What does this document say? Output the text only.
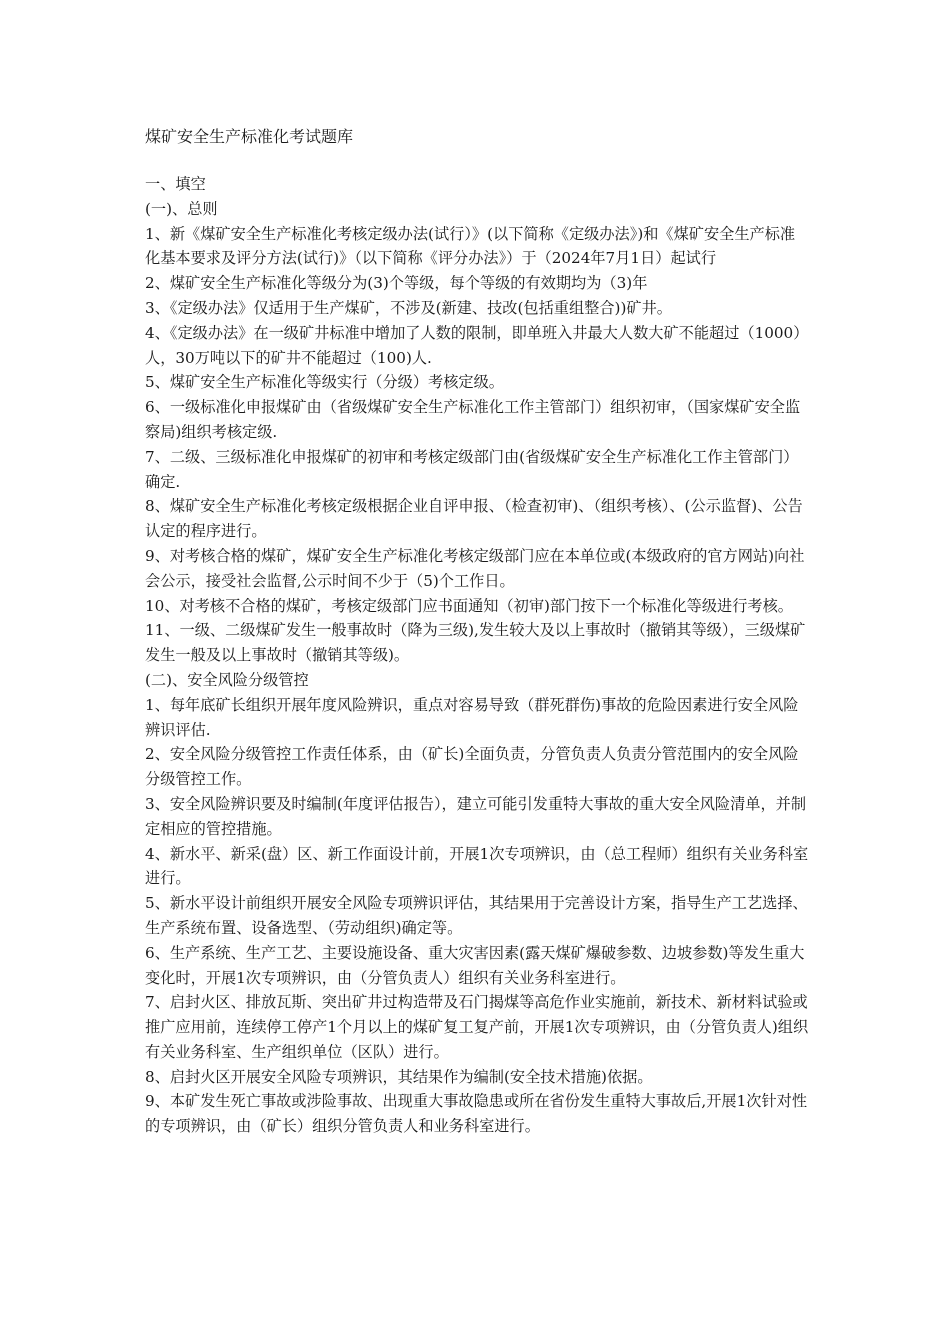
煤矿安全生产标准化考试题库

一、填空

(一)、总则

1、新《煤矿安全生产标准化考核定级办法(试行）》(以下简称《定级办法》)和《煤矿安全生产标准化基本要求及评分方法(试行)》（以下简称《评分办法》）于（2024年7月1日）起试行

2、煤矿安全生产标准化等级分为(3)个等级，每个等级的有效期均为（3)年

3、《定级办法》仅适用于生产煤矿，不涉及(新建、技改(包括重组整合))矿井。

4、《定级办法》在一级矿井标准中增加了人数的限制，即单班入井最大人数大矿不能超过（1000）人，30万吨以下的矿井不能超过（100)人.

5、煤矿安全生产标准化等级实行（分级）考核定级。

6、一级标准化申报煤矿由（省级煤矿安全生产标准化工作主管部门）组织初审，（国家煤矿安全监察局)组织考核定级.

7、二级、三级标准化申报煤矿的初审和考核定级部门由(省级煤矿安全生产标准化工作主管部门）确定.

8、煤矿安全生产标准化考核定级根据企业自评申报、（检查初审)、（组织考核）、(公示监督)、公告认定的程序进行。

9、对考核合格的煤矿，煤矿安全生产标准化考核定级部门应在本单位或(本级政府的官方网站)向社会公示，接受社会监督,公示时间不少于（5)个工作日。

10、对考核不合格的煤矿，考核定级部门应书面通知（初审)部门按下一个标准化等级进行考核。

11、一级、二级煤矿发生一般事故时（降为三级),发生较大及以上事故时（撤销其等级），三级煤矿发生一般及以上事故时（撤销其等级)。

(二)、安全风险分级管控

1、每年底矿长组织开展年度风险辨识，重点对容易导致（群死群伤)事故的危险因素进行安全风险辨识评估.

2、安全风险分级管控工作责任体系，由（矿长)全面负责，分管负责人负责分管范围内的安全风险分级管控工作。

3、安全风险辨识要及时编制(年度评估报告），建立可能引发重特大事故的重大安全风险清单，并制定相应的管控措施。

4、新水平、新采(盘）区、新工作面设计前，开展1次专项辨识，由（总工程师）组织有关业务科室进行。

5、新水平设计前组织开展安全风险专项辨识评估，其结果用于完善设计方案，指导生产工艺选择、生产系统布置、设备选型、（劳动组织)确定等。

6、生产系统、生产工艺、主要设施设备、重大灾害因素(露天煤矿爆破参数、边坡参数)等发生重大变化时，开展1次专项辨识，由（分管负责人）组织有关业务科室进行。

7、启封火区、排放瓦斯、突出矿井过构造带及石门揭煤等高危作业实施前，新技术、新材料试验或推广应用前，连续停工停产1个月以上的煤矿复工复产前，开展1次专项辨识，由（分管负责人)组织有关业务科室、生产组织单位（区队）进行。

8、启封火区开展安全风险专项辨识，其结果作为编制(安全技术措施)依据。

9、本矿发生死亡事故或涉险事故、出现重大事故隐患或所在省份发生重特大事故后,开展1次针对性的专项辨识，由（矿长）组织分管负责人和业务科室进行。
